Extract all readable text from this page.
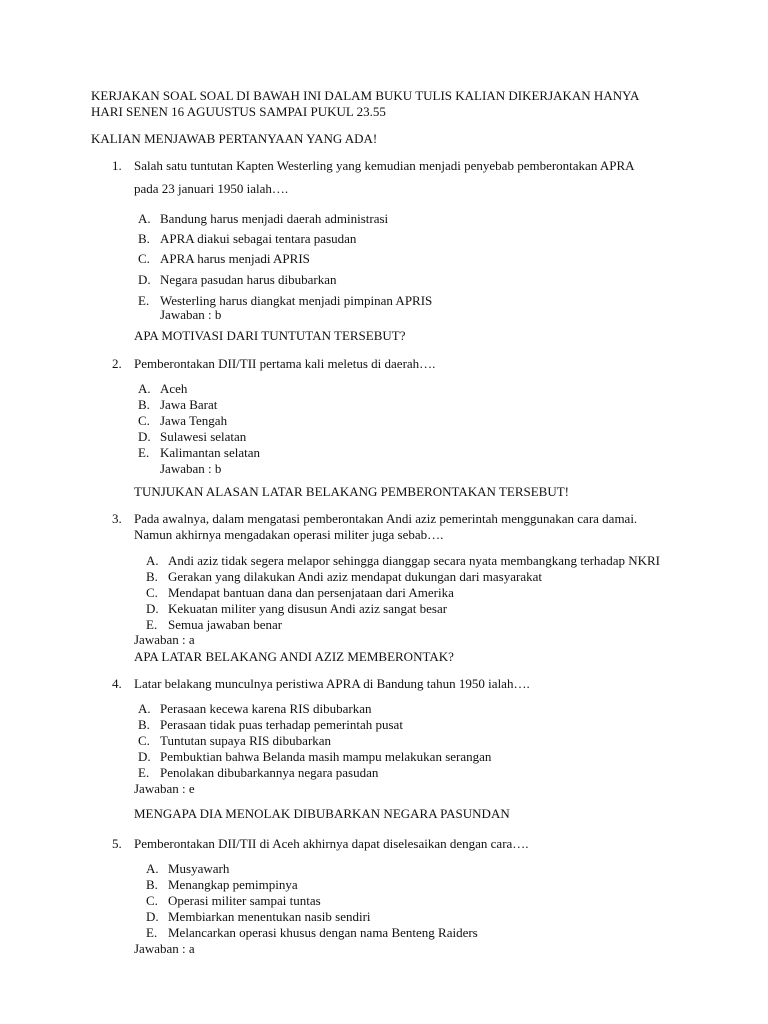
KERJAKAN SOAL SOAL DI BAWAH INI DALAM BUKU TULIS KALIAN DIKERJAKAN HANYA
HARI SENEN 16 AGUUSTUS SAMPAI PUKUL 23.55
KALIAN MENJAWAB PERTANYAAN YANG ADA!
1. Salah satu tuntutan Kapten Westerling yang kemudian menjadi penyebab pemberontakan APRA
pada 23 januari 1950 ialah….
A. Bandung harus menjadi daerah administrasi
B. APRA diakui sebagai tentara pasudan
C. APRA harus menjadi APRIS
D. Negara pasudan harus dibubarkan
E. Westerling harus diangkat menjadi pimpinan APRIS
Jawaban : b
APA MOTIVASI DARI TUNTUTAN TERSEBUT?
2. Pemberontakan DII/TII pertama kali meletus di daerah….
A. Aceh
B. Jawa Barat
C. Jawa Tengah
D. Sulawesi selatan
E. Kalimantan selatan
Jawaban : b
TUNJUKAN ALASAN LATAR BELAKANG PEMBERONTAKAN TERSEBUT!
3. Pada awalnya, dalam mengatasi pemberontakan Andi aziz pemerintah menggunakan cara damai.
Namun akhirnya mengadakan operasi militer juga sebab….
A. Andi aziz tidak segera melapor sehingga dianggap secara nyata membangkang terhadap NKRI
B. Gerakan yang dilakukan Andi aziz mendapat dukungan dari masyarakat
C. Mendapat bantuan dana dan persenjataan dari Amerika
D. Kekuatan militer yang disusun Andi aziz sangat besar
E. Semua jawaban benar
Jawaban : a
APA LATAR BELAKANG ANDI AZIZ MEMBERONTAK?
4. Latar belakang munculnya peristiwa APRA di Bandung tahun 1950 ialah….
A. Perasaan kecewa karena RIS dibubarkan
B. Perasaan tidak puas terhadap pemerintah pusat
C. Tuntutan supaya RIS dibubarkan
D. Pembuktian bahwa Belanda masih mampu melakukan serangan
E. Penolakan dibubarkannya negara pasudan
Jawaban : e
MENGAPA DIA MENOLAK DIBUBARKAN NEGARA PASUNDAN
5. Pemberontakan DII/TII di Aceh akhirnya dapat diselesaikan dengan cara….
A. Musyawarh
B. Menangkap pemimpinya
C. Operasi militer sampai tuntas
D. Membiarkan menentukan nasib sendiri
E. Melancarkan operasi khusus dengan nama Benteng Raiders
Jawaban : a
